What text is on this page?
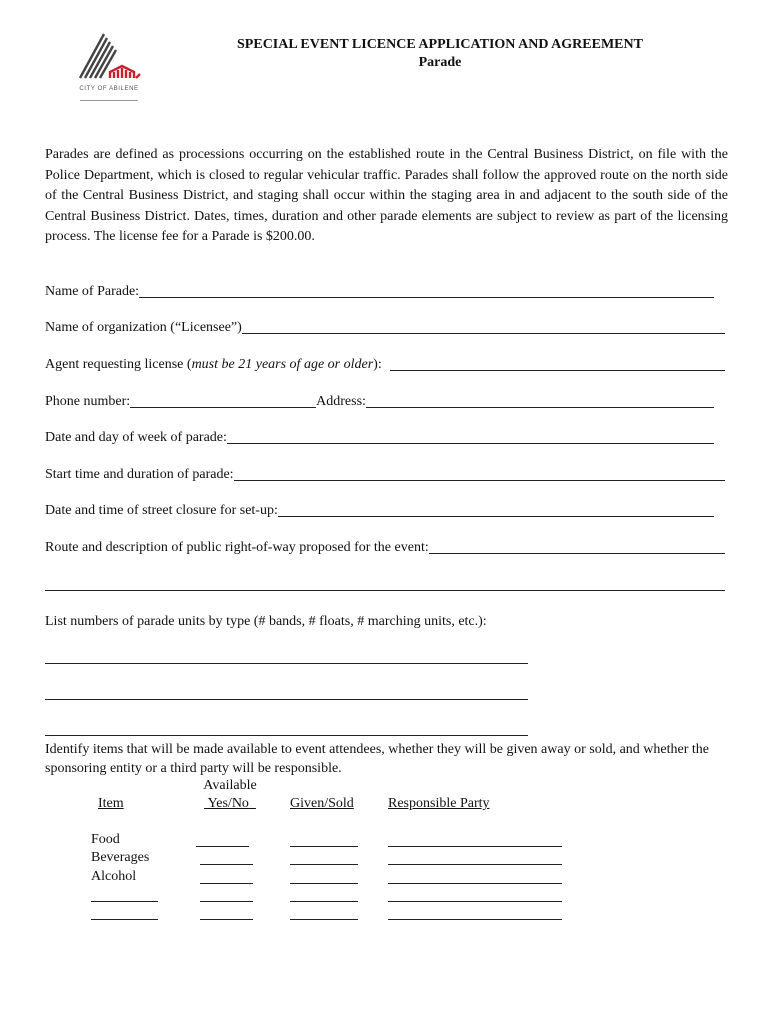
CITY OF ABILENE
SPECIAL EVENT LICENCE APPLICATION AND AGREEMENT
Parade
Parades are defined as processions occurring on the established route in the Central Business District, on file with the Police Department, which is closed to regular vehicular traffic. Parades shall follow the approved route on the north side of the Central Business District, and staging shall occur within the staging area in and adjacent to the south side of the Central Business District. Dates, times, duration and other parade elements are subject to review as part of the licensing process. The license fee for a Parade is $200.00.
Name of Parade:
Name of organization (“Licensee”)
Agent requesting license (must be 21 years of age or older):
Phone number:	Address:
Date and day of week of parade:
Start time and duration of parade:
Date and time of street closure for set-up:
Route and description of public right-of-way proposed for the event:
List numbers of parade units by type (# bands, # floats, # marching units, etc.):
Identify items that will be made available to event attendees, whether they will be given away or sold, and whether the sponsoring entity or a third party will be responsible.
Available
Yes/No
Item	Given/Sold Responsible Party
Food
Beverages
Alcohol
